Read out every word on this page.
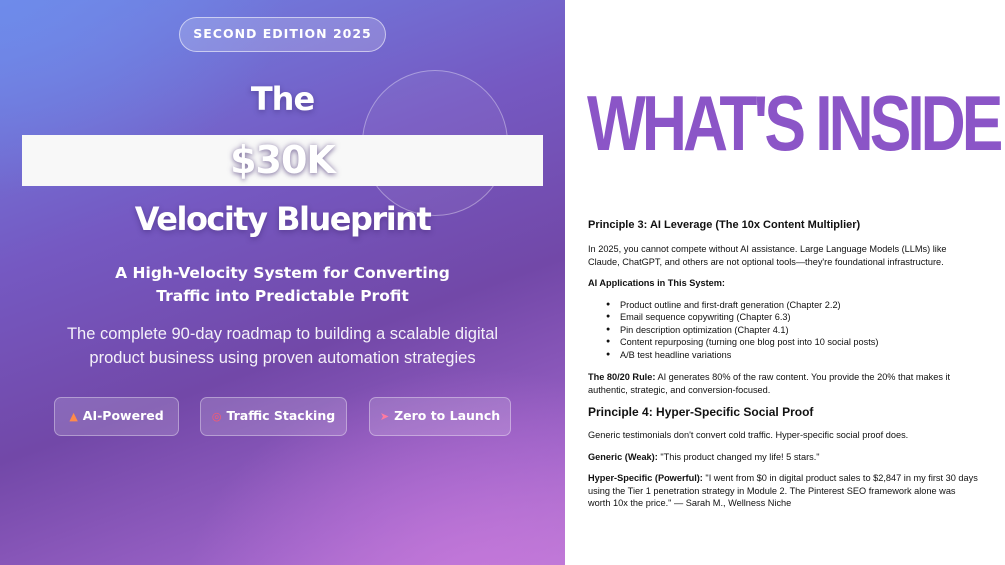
SECOND EDITION 2025
The
$30K
Velocity Blueprint
A High-Velocity System for Converting
Traffic into Predictable Profit
The complete 90-day roadmap to building a scalable digital
product business using proven automation strategies
▲ AI-Powered	◎ Traffic Stacking	➤ Zero to Launch
WHAT'S INSIDE
Principle 3: AI Leverage (The 10x Content Multiplier)
In 2025, you cannot compete without AI assistance. Large Language Models (LLMs) like
Claude, ChatGPT, and others are not optional tools—they're foundational infrastructure.
AI Applications in This System:
● Product outline and first-draft generation (Chapter 2.2)
● Email sequence copywriting (Chapter 6.3)
● Pin description optimization (Chapter 4.1)
● Content repurposing (turning one blog post into 10 social posts)
● A/B test headline variations
The 80/20 Rule: AI generates 80% of the raw content. You provide the 20% that makes it
authentic, strategic, and conversion-focused.
Principle 4: Hyper-Specific Social Proof
Generic testimonials don't convert cold traffic. Hyper-specific social proof does.
Generic (Weak): "This product changed my life! 5 stars."
Hyper-Specific (Powerful): "I went from $0 in digital product sales to $2,847 in my first 30 days
using the Tier 1 penetration strategy in Module 2. The Pinterest SEO framework alone was
worth 10x the price." — Sarah M., Wellness Niche
